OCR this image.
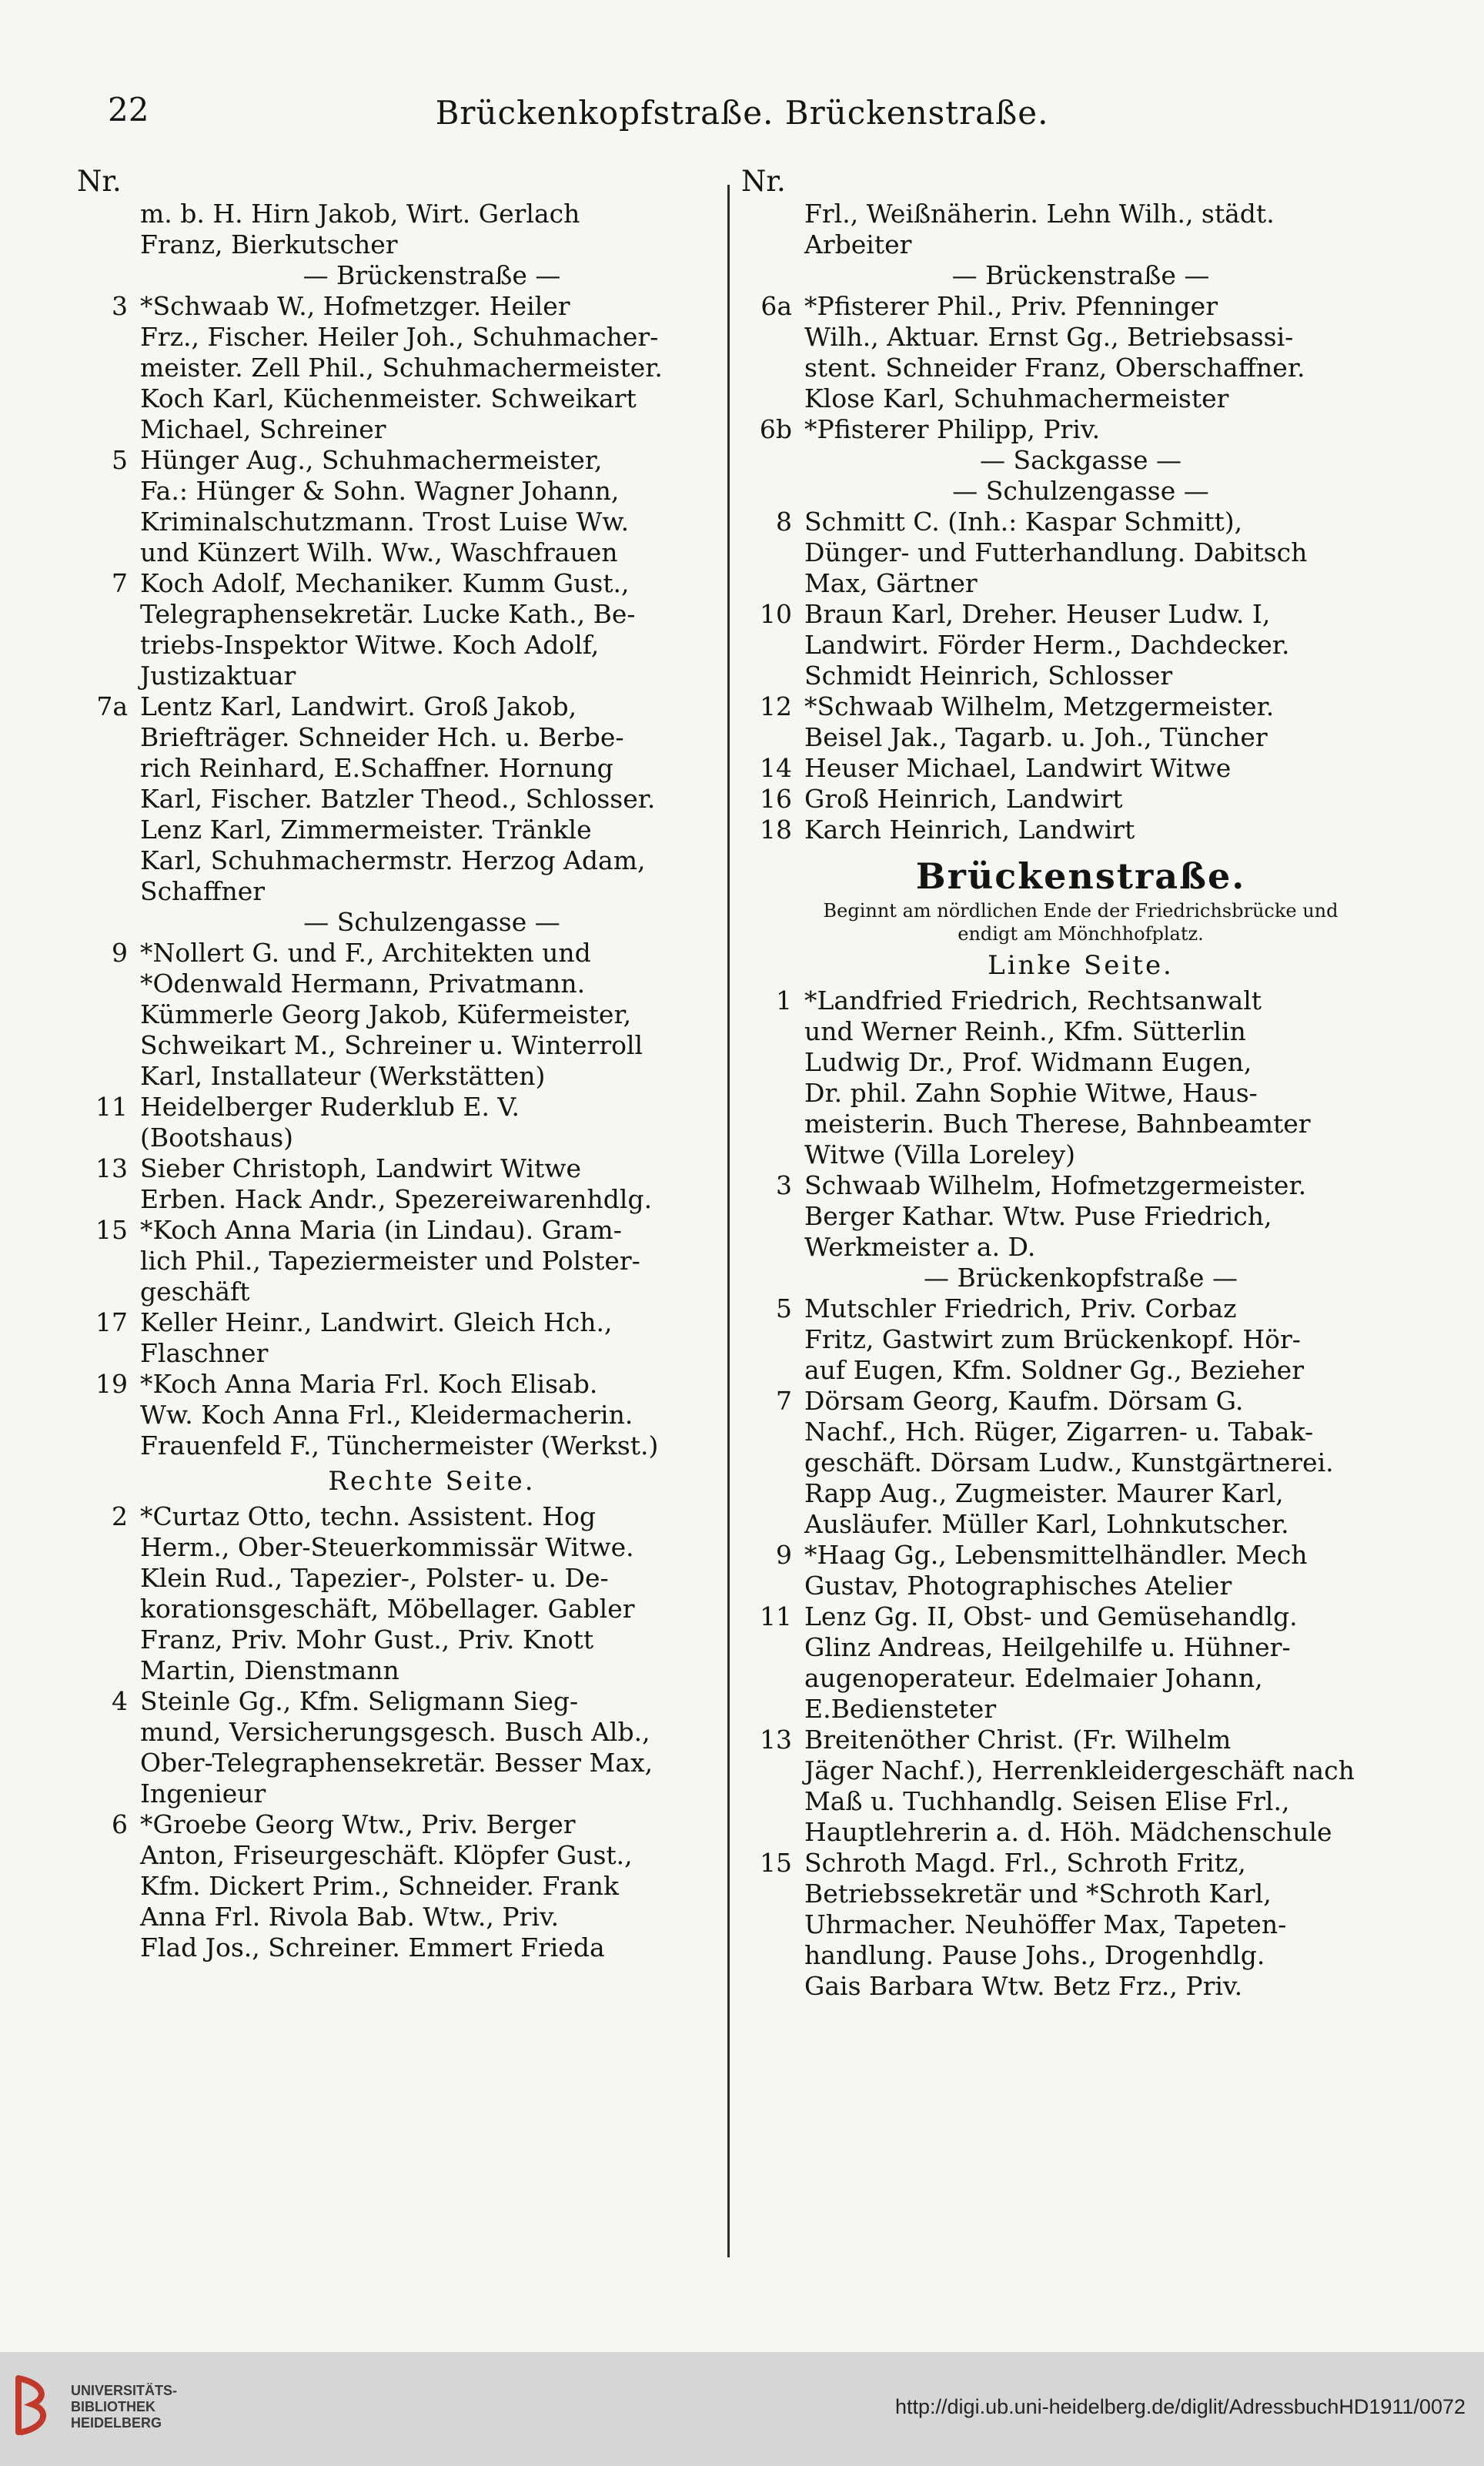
22	Brückenkopfstraße. Brückenstraße.
Nr.
m. b. H. Hirn Jakob, Wirt. Gerlach
Franz, Bierkutscher
— Brückenstraße —
3 *Schwaab W., Hofmetzger. Heiler
Frz., Fischer. Heiler Joh., Schuhmacher-
meister. Zell Phil., Schuhmachermeister.
Koch Karl, Küchenmeister. Schweikart
Michael, Schreiner
5 Hünger Aug., Schuhmachermeister,
Fa.: Hünger & Sohn. Wagner Johann,
Kriminalschutzmann. Trost Luise Ww.
und Künzert Wilh. Ww., Waschfrauen
7 Koch Adolf, Mechaniker. Kumm Gust.,
Telegraphensekretär. Lucke Kath., Be-
triebs-Inspektor Witwe. Koch Adolf,
Justizaktuar
7a Lentz Karl, Landwirt. Groß Jakob,
Briefträger. Schneider Hch. u. Berbe-
rich Reinhard, E.Schaffner. Hornung
Karl, Fischer. Batzler Theod., Schlosser.
Lenz Karl, Zimmermeister. Tränkle
Karl, Schuhmachermstr. Herzog Adam,
Schaffner
— Schulzengasse —
9 *Nollert G. und F., Architekten und
*Odenwald Hermann, Privatmann.
Kümmerle Georg Jakob, Küfermeister,
Schweikart M., Schreiner u. Winterroll
Karl, Installateur (Werkstätten)
11 Heidelberger Ruderklub E. V.
(Bootshaus)
13 Sieber Christoph, Landwirt Witwe
Erben. Hack Andr., Spezereiwarenhdlg.
15 *Koch Anna Maria (in Lindau). Gram-
lich Phil., Tapeziermeister und Polster-
geschäft
17 Keller Heinr., Landwirt. Gleich Hch.,
Flaschner
19 *Koch Anna Maria Frl. Koch Elisab.
Ww. Koch Anna Frl., Kleidermacherin.
Frauenfeld F., Tünchermeister (Werkst.)
Rechte Seite.
2 *Curtaz Otto, techn. Assistent. Hog
Herm., Ober-Steuerkommissär Witwe.
Klein Rud., Tapezier-, Polster- u. De-
korationsgeschäft, Möbellager. Gabler
Franz, Priv. Mohr Gust., Priv. Knott
Martin, Dienstmann
4 Steinle Gg., Kfm. Seligmann Sieg-
mund, Versicherungsgesch. Busch Alb.,
Ober-Telegraphensekretär. Besser Max,
Ingenieur
6 *Groebe Georg Wtw., Priv. Berger
Anton, Friseurgeschäft. Klöpfer Gust.,
Kfm. Dickert Prim., Schneider. Frank
Anna Frl. Rivola Bab. Wtw., Priv.
Flad Jos., Schreiner. Emmert Frieda
Nr.
Frl., Weißnäherin. Lehn Wilh., städt.
Arbeiter
— Brückenstraße —
6a *Pfisterer Phil., Priv. Pfenninger
Wilh., Aktuar. Ernst Gg., Betriebsassi-
stent. Schneider Franz, Oberschaffner.
Klose Karl, Schuhmachermeister
6b *Pfisterer Philipp, Priv.
— Sackgasse —
— Schulzengasse —
8 Schmitt C. (Inh.: Kaspar Schmitt),
Dünger- und Futterhandlung. Dabitsch
Max, Gärtner
10 Braun Karl, Dreher. Heuser Ludw. I,
Landwirt. Förder Herm., Dachdecker.
Schmidt Heinrich, Schlosser
12 *Schwaab Wilhelm, Metzgermeister.
Beisel Jak., Tagarb. u. Joh., Tüncher
14 Heuser Michael, Landwirt Witwe
16 Groß Heinrich, Landwirt
18 Karch Heinrich, Landwirt
Brückenstraße.
Beginnt am nördlichen Ende der Friedrichsbrücke und
endigt am Mönchhofplatz.
Linke Seite.
1 *Landfried Friedrich, Rechtsanwalt
und Werner Reinh., Kfm. Sütterlin
Ludwig Dr., Prof. Widmann Eugen,
Dr. phil. Zahn Sophie Witwe, Haus-
meisterin. Buch Therese, Bahnbeamter
Witwe (Villa Loreley)
3 Schwaab Wilhelm, Hofmetzgermeister.
Berger Kathar. Wtw. Puse Friedrich,
Werkmeister a. D.
— Brückenkopfstraße —
5 Mutschler Friedrich, Priv. Corbaz
Fritz, Gastwirt zum Brückenkopf. Hör-
auf Eugen, Kfm. Soldner Gg., Bezieher
7 Dörsam Georg, Kaufm. Dörsam G.
Nachf., Hch. Rüger, Zigarren- u. Tabak-
geschäft. Dörsam Ludw., Kunstgärtnerei.
Rapp Aug., Zugmeister. Maurer Karl,
Ausläufer. Müller Karl, Lohnkutscher.
9 *Haag Gg., Lebensmittelhändler. Mech
Gustav, Photographisches Atelier
11 Lenz Gg. II, Obst- und Gemüsehandlg.
Glinz Andreas, Heilgehilfe u. Hühner-
augenoperateur. Edelmaier Johann,
E.Bediensteter
13 Breitenöther Christ. (Fr. Wilhelm
Jäger Nachf.), Herrenkleidergeschäft nach
Maß u. Tuchhandlg. Seisen Elise Frl.,
Hauptlehrerin a. d. Höh. Mädchenschule
15 Schroth Magd. Frl., Schroth Fritz,
Betriebssekretär und *Schroth Karl,
Uhrmacher. Neuhöffer Max, Tapeten-
handlung. Pause Johs., Drogenhdlg.
Gais Barbara Wtw. Betz Frz., Priv.
UNIVERSITÄTS-
BIBLIOTHEK
HEIDELBERG
http://digi.ub.uni-heidelberg.de/diglit/AdressbuchHD1911/0072
